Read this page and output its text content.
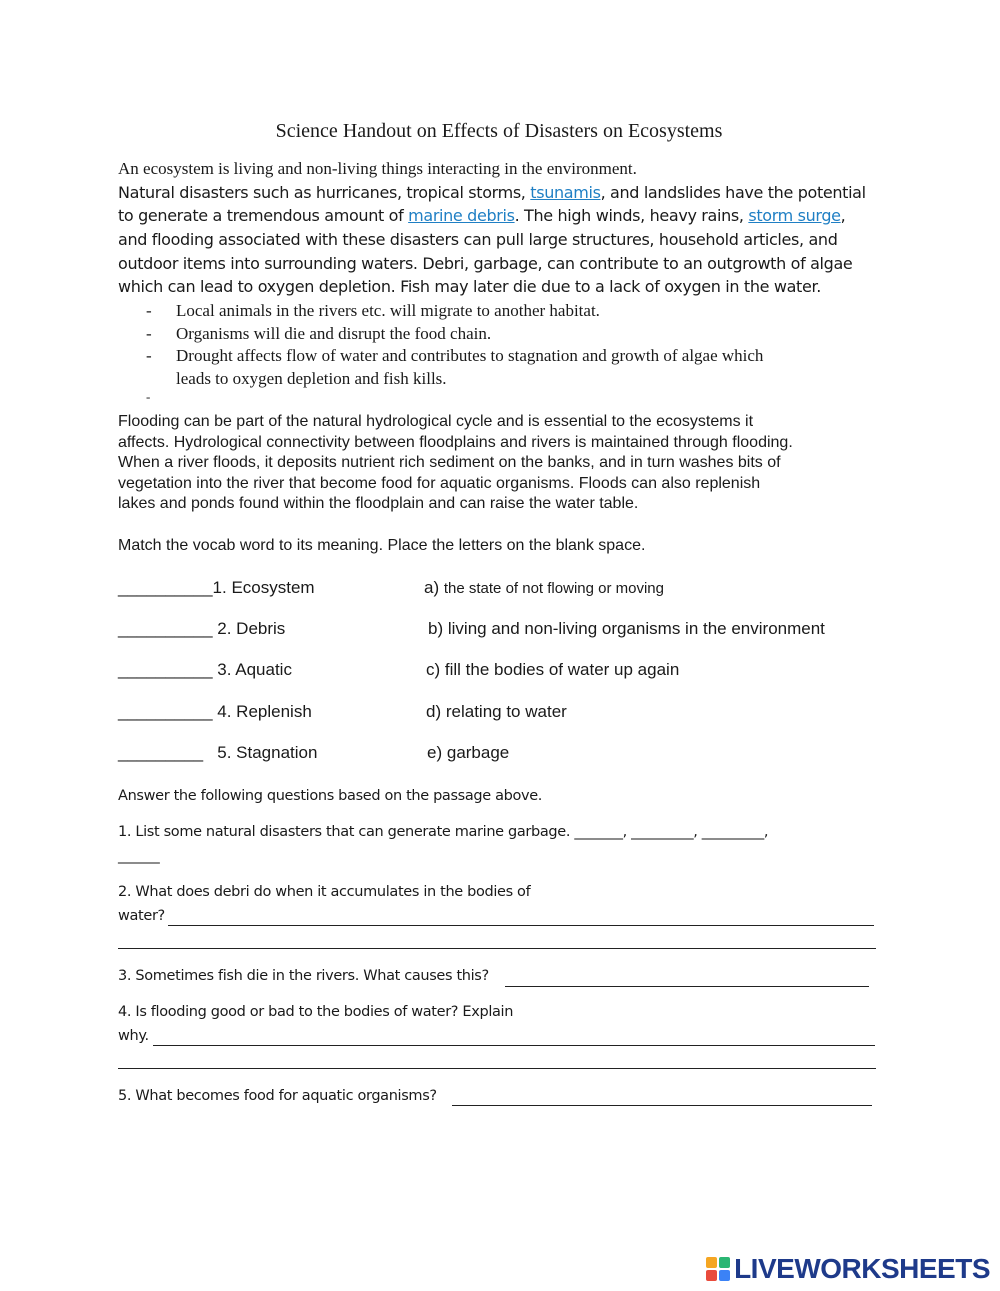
Science Handout on Effects of Disasters on Ecosystems
An ecosystem is living and non-living things interacting in the environment.
Natural disasters such as hurricanes, tropical storms, tsunamis, and landslides have the potential
to generate a tremendous amount of marine debris. The high winds, heavy rains, storm surge,
and flooding associated with these disasters can pull large structures, household articles, and
outdoor items into surrounding waters. Debri, garbage, can contribute to an outgrowth of algae
which can lead to oxygen depletion. Fish may later die due to a lack of oxygen in the water.
- Local animals in the rivers etc. will migrate to another habitat.
- Organisms will die and disrupt the food chain.
- Drought affects flow of water and contributes to stagnation and growth of algae which
leads to oxygen depletion and fish kills.
-
Flooding can be part of the natural hydrological cycle and is essential to the ecosystems it
affects. Hydrological connectivity between floodplains and rivers is maintained through flooding.
When a river floods, it deposits nutrient rich sediment on the banks, and in turn washes bits of
vegetation into the river that become food for aquatic organisms. Floods can also replenish
lakes and ponds found within the floodplain and can raise the water table.
Match the vocab word to its meaning. Place the letters on the blank space.
__________1. Ecosystem	a) the state of not flowing or moving
__________ 2. Debris	b) living and non-living organisms in the environment
__________ 3. Aquatic	c) fill the bodies of water up again
__________ 4. Replenish	d) relating to water
_________ 5. Stagnation	e) garbage
Answer the following questions based on the passage above.
1. List some natural disasters that can generate marine garbage. _______, _________, _________,
______
2. What does debri do when it accumulates in the bodies of
water?
3. Sometimes fish die in the rivers. What causes this?
4. Is flooding good or bad to the bodies of water? Explain
why.
5. What becomes food for aquatic organisms?
LIVEWORKSHEETS
